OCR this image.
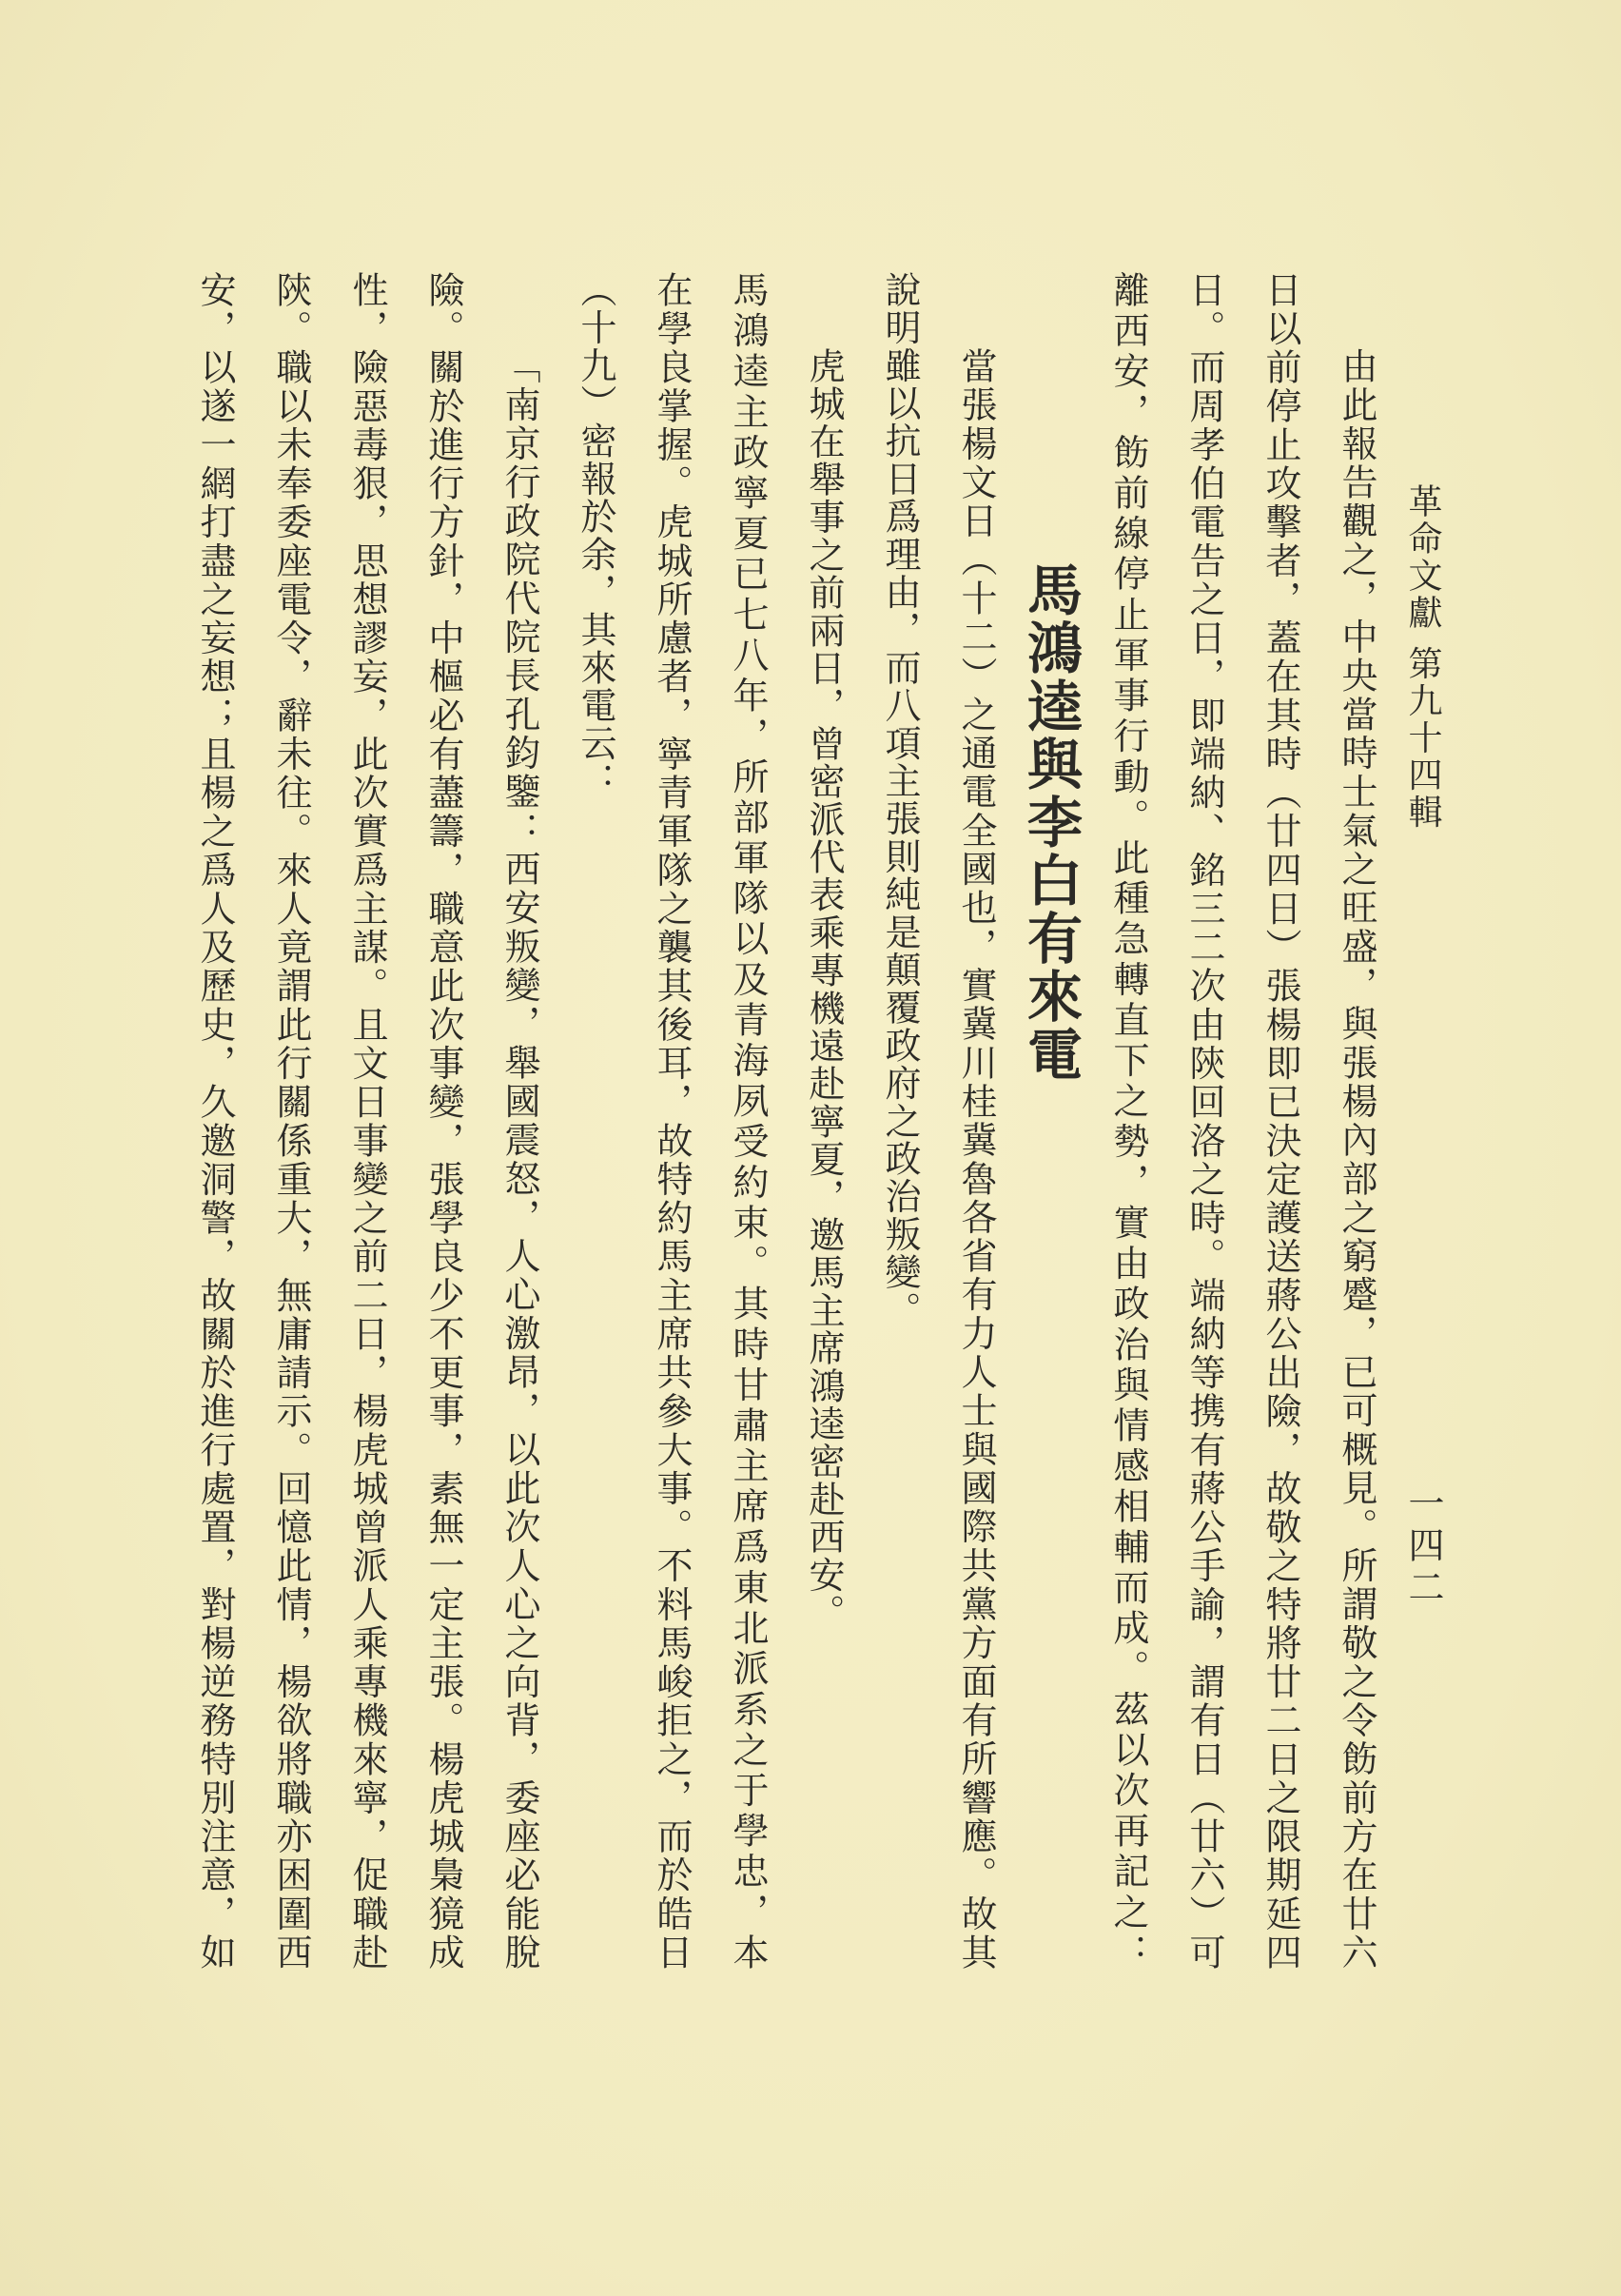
革命文獻 第九十四輯
一四二
由此報告觀之，中央當時士氣之旺盛，與張楊內部之窮蹙，已可概見。所謂敬之令飭前方在廿六
日以前停止攻擊者，蓋在其時（廿四日）張楊即已決定護送蔣公出險，故敬之特將廿二日之限期延四
日。而周孝伯電告之日，即端納、銘三二次由陝回洛之時。端納等携有蔣公手諭，謂有日（廿六）可
離西安，飭前線停止軍事行動。此種急轉直下之勢，實由政治與情感相輔而成。茲以次再記之：
馬鴻逵與李白有來電
當張楊文日（十二）之通電全國也，實冀川桂冀魯各省有力人士與國際共黨方面有所響應。故其
說明雖以抗日爲理由，而八項主張則純是顛覆政府之政治叛變。
虎城在舉事之前兩日，曾密派代表乘專機遠赴寧夏，邀馬主席鴻逵密赴西安。
馬鴻逵主政寧夏已七八年，所部軍隊以及青海夙受約束。其時甘肅主席爲東北派系之于學忠，本
在學良掌握。虎城所慮者，寧青軍隊之襲其後耳，故特約馬主席共參大事。不料馬峻拒之，而於皓日
（十九）密報於余，其來電云：
「南京行政院代院長孔鈞鑒：西安叛變，舉國震怒，人心激昂，以此次人心之向背，委座必能脫
險。關於進行方針，中樞必有藎籌，職意此次事變，張學良少不更事，素無一定主張。楊虎城梟獍成
性，險惡毒狠，思想謬妄，此次實爲主謀。且文日事變之前二日，楊虎城曾派人乘專機來寧，促職赴
陝。職以未奉委座電令，辭未往。來人竟謂此行關係重大，無庸請示。回憶此情，楊欲將職亦困圍西
安，以遂一網打盡之妄想；且楊之爲人及歷史，久邀洞警，故關於進行處置，對楊逆務特別注意，如
